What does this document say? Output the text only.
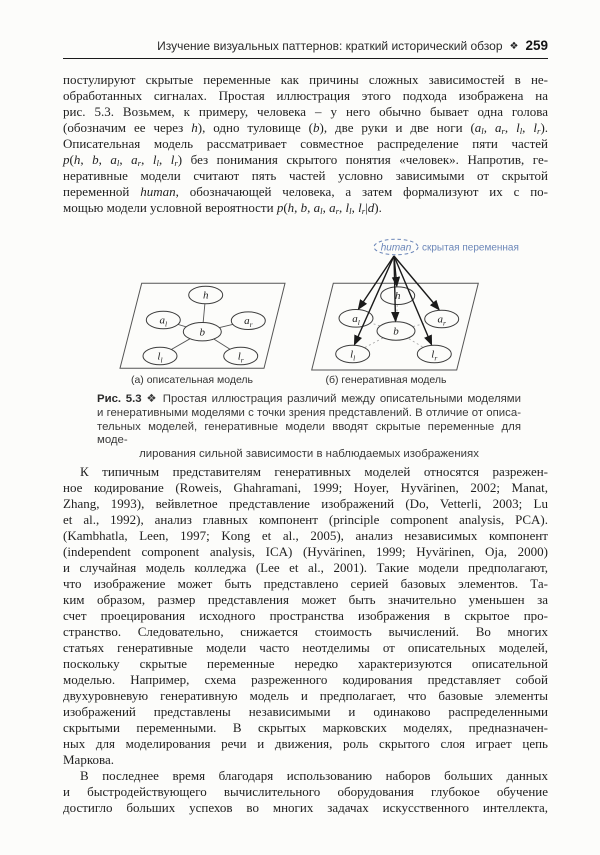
Изучение визуальных паттернов: краткий исторический обзор ❖ 259
постулируют скрытые переменные как причины сложных зависимостей в не-
обработанных сигналах. Простая иллюстрация этого подхода изображена на
рис. 5.3. Возьмем, к примеру, человека – у него обычно бывает одна голова
(обозначим ее через h), одно туловище (b), две руки и две ноги ($a_l$, $a_r$, $l_l$, $l_r$).
Описательная модель рассматривает совместное распределение пяти частей
p(h, b, $a_l$, $a_r$, $l_l$, $l_r$) без понимания скрытого понятия «человек». Напротив, ге-
неративные модели считают пять частей условно зависимыми от скрытой
переменной human, обозначающей человека, а затем формализуют их с по-
мощью модели условной вероятности p(h, b, $a_l$, $a_r$, $l_l$, $l_r|d$).
h
$a_l$	$a_r$
b
$l_l$	$l_r$
(a) описательная модель
h
$a_l$	$a_r$
b
$l_l$	$l_r$
human скрытая переменная
(б) генеративная модель
Рис. 5.3 ❖ Простая иллюстрация различий между описательными моделями
и генеративными моделями с точки зрения представлений. В отличие от описа-
тельных моделей, генеративные модели вводят скрытые переменные для моде-
лирования сильной зависимости в наблюдаемых изображениях
К типичным представителям генеративных моделей относятся разрежен-
ное кодирование (Roweis, Ghahramani, 1999; Hoyer, Hyvärinen, 2002; Manat,
Zhang, 1993), вейвлетное представление изображений (Do, Vetterli, 2003; Lu
et al., 1992), анализ главных компонент (principle component analysis, PCA).
(Kambhatla, Leen, 1997; Kong et al., 2005), анализ независимых компонент
(independent component analysis, ICA) (Hyvärinen, 1999; Hyvärinen, Oja, 2000)
и случайная модель колледжа (Lee et al., 2001). Такие модели предполагают,
что изображение может быть представлено серией базовых элементов. Та-
ким образом, размер представления может быть значительно уменьшен за
счет проецирования исходного пространства изображения в скрытое про-
странство. Следовательно, снижается стоимость вычислений. Во многих
статьях генеративные модели часто неотделимы от описательных моделей,
поскольку скрытые переменные нередко характеризуются описательной
моделью. Например, схема разреженного кодирования представляет собой
двухуровневую генеративную модель и предполагает, что базовые элементы
изображений представлены независимыми и одинаково распределенными
скрытыми переменными. В скрытых марковских моделях, предназначен-
ных для моделирования речи и движения, роль скрытого слоя играет цепь
Маркова.
В последнее время благодаря использованию наборов больших данных
и быстродействующего вычислительного оборудования глубокое обучение
достигло больших успехов во многих задачах искусственного интеллекта,
